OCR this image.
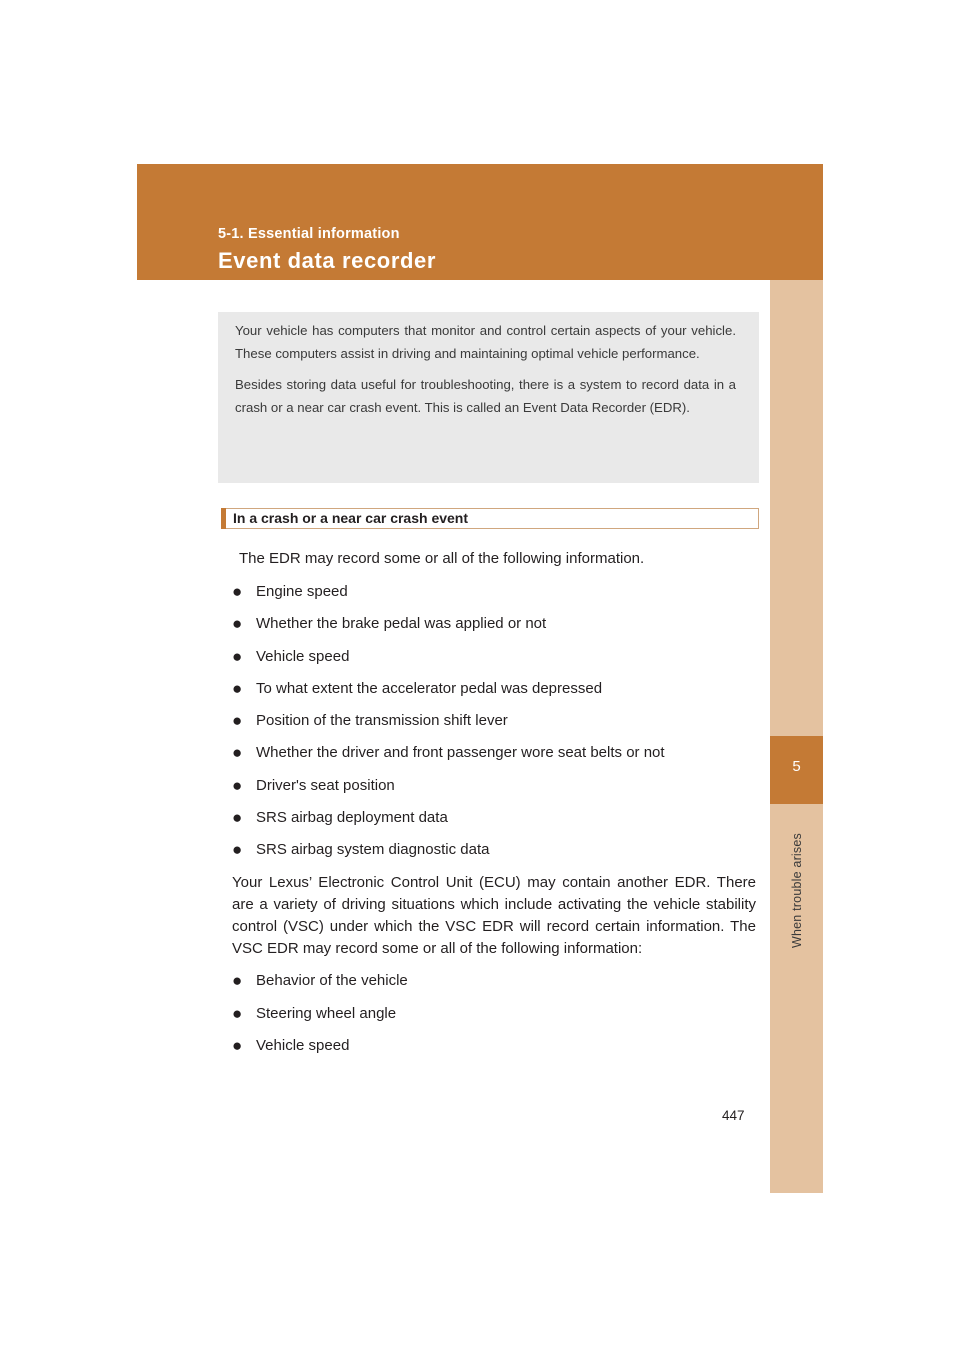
5-1. Essential information
Event data recorder
5
When trouble arises

Your vehicle has computers that monitor and control certain aspects of your vehicle. These computers assist in driving and maintaining optimal vehicle performance.

Besides storing data useful for troubleshooting, there is a system to record data in a crash or a near car crash event. This is called an Event Data Recorder (EDR).

In a crash or a near car crash event

The EDR may record some or all of the following information.

● Engine speed
● Whether the brake pedal was applied or not
● Vehicle speed
● To what extent the accelerator pedal was depressed
● Position of the transmission shift lever
● Whether the driver and front passenger wore seat belts or not
● Driver's seat position
● SRS airbag deployment data
● SRS airbag system diagnostic data

Your Lexus’ Electronic Control Unit (ECU) may contain another EDR. There are a variety of driving situations which include activating the vehicle stability control (VSC) under which the VSC EDR will record certain information. The VSC EDR may record some or all of the following information:

● Behavior of the vehicle
● Steering wheel angle
● Vehicle speed
447
